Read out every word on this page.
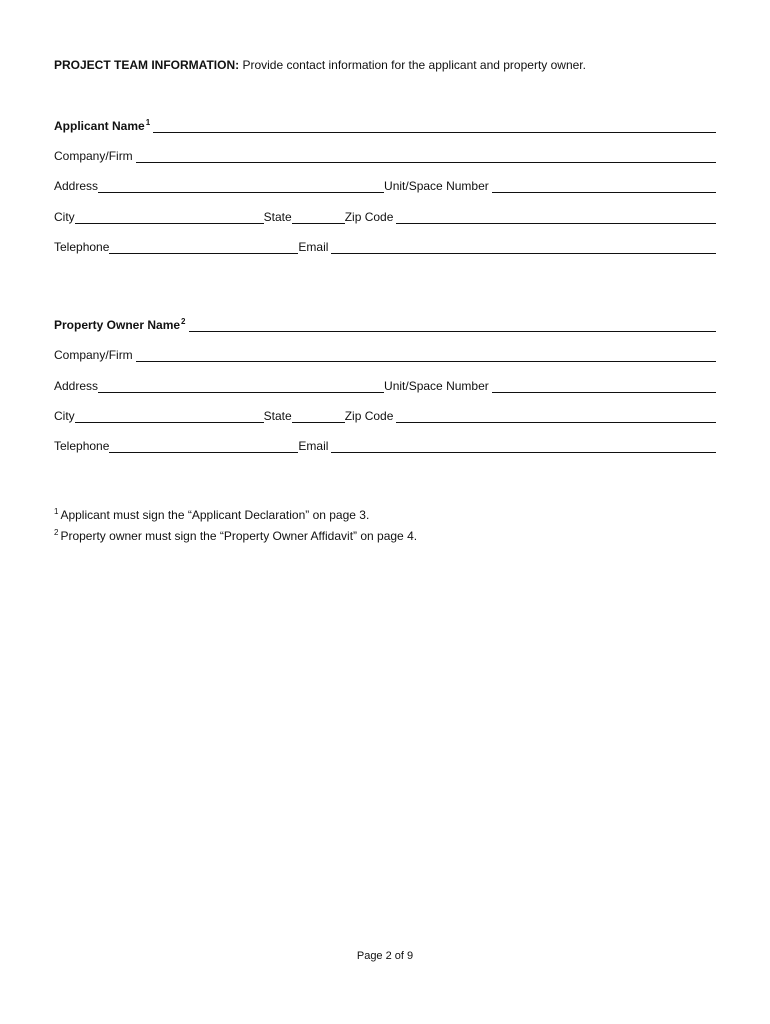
PROJECT TEAM INFORMATION: Provide contact information for the applicant and property owner.
Applicant Name$^1$
Company/Firm
Address	Unit/Space Number
City	State	Zip Code
Telephone	Email
Property Owner Name$^2$
Company/Firm
Address	Unit/Space Number
City	State	Zip Code
Telephone	Email
$^1$ Applicant must sign the “Applicant Declaration” on page 3.
$^2$ Property owner must sign the “Property Owner Affidavit” on page 4.
Page 2 of 9
